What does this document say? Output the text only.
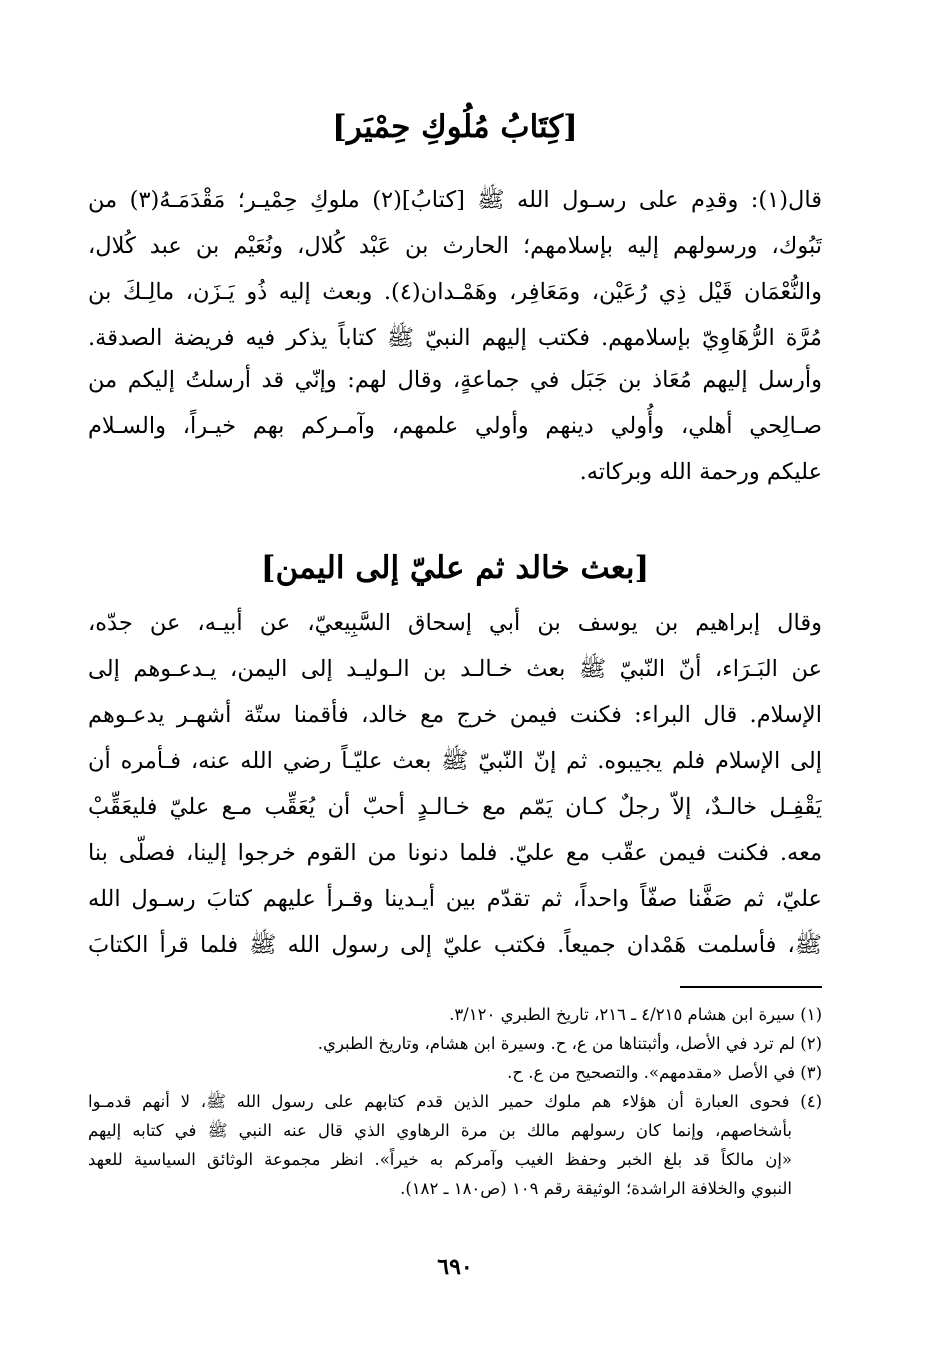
[كِتَابُ مُلُوكِ حِمْيَر]
قال(١): وقدِم على رسـول الله ﷺ [كتابُ](٢) ملوكِ حِمْيـر؛ مَقْدَمَـهُ(٣) من
تَبُوك، ورسولهم إليه بإسلامهم؛ الحارث بن عَبْد كُلال، ونُعَيْم بن عبد كُلال،
والنُّعْمَان قَيْل ذِي رُعَيْن، ومَعَافِر، وهَمْـدان(٤). وبعث إليه ذُو يَـزَن، مالِـكَ بن
مُرَّة الرُّهَاوِيّ بإسلامهم. فكتب إليهم النبيّ ﷺ كتاباً يذكر فيه فريضة الصدقة.
وأرسل إليهم مُعَاذ بن جَبَل في جماعةٍ، وقال لهم: وإنّي قد أرسلتُ إليكم من
صـالِحي أهلي، وأُولي دينهم وأولي علمهم، وآمـركم بهم خيـراً، والسـلام
عليكم ورحمة الله وبركاته.
[بعث خالد ثم عليّ إلى اليمن]
وقال إبراهيم بن يوسف بن أبي إسحاق السَّبِيعيّ، عن أبيـه، عن جدّه،
عن البَـرَاء، أنّ النّبيّ ﷺ بعث خـالـد بن الـوليـد إلى اليمن، يـدعـوهم إلى
الإسلام. قال البراء: فكنت فيمن خرج مع خالد، فأقمنا ستّة أشهـر يدعـوهم
إلى الإسلام فلم يجيبوه. ثم إنّ النّبيّ ﷺ بعث عليّـاً رضي الله عنه، فـأمره أن
يَقْفِـل خالـدٌ، إلاّ رجلٌ كـان يَمّم مع خـالـدٍ أحبّ أن يُعَقِّب مـع عليّ فليعَقِّبْ
معه. فكنت فيمن عقّب مع عليّ. فلما دنونا من القوم خرجوا إلينا، فصلّى بنا
عليّ، ثم صَفَّنا صفّاً واحداً، ثم تقدّم بين أيـدينا وقـرأ عليهم كتابَ رسـول الله
ﷺ، فأسلمت هَمْدان جميعاً. فكتب عليّ إلى رسول الله ﷺ فلما قرأ الكتابَ
(١) سيرة ابن هشام ٤/٢١٥ ـ ٢١٦، تاريخ الطبري ٣/١٢٠.
(٢) لم ترد في الأصل، وأثبتناها من ع، ح. وسيرة ابن هشام، وتاريخ الطبري.
(٣) في الأصل «مقدمهم». والتصحيح من ع. ح.
(٤) فحوى العبارة أن هؤلاء هم ملوك حمير الذين قدم كتابهم على رسول الله ﷺ، لا أنهم قدمـوا
بأشخاصهم، وإنما كان رسولهم مالك بن مرة الرهاوي الذي قال عنه النبي ﷺ في كتابه إليهم
«إن مالكاً قد بلغ الخبر وحفظ الغيب وآمركم به خيراً». انظر مجموعة الوثائق السياسية للعهد
النبوي والخلافة الراشدة؛ الوثيقة رقم ١٠٩ (ص١٨٠ ـ ١٨٢).
٦٩٠
